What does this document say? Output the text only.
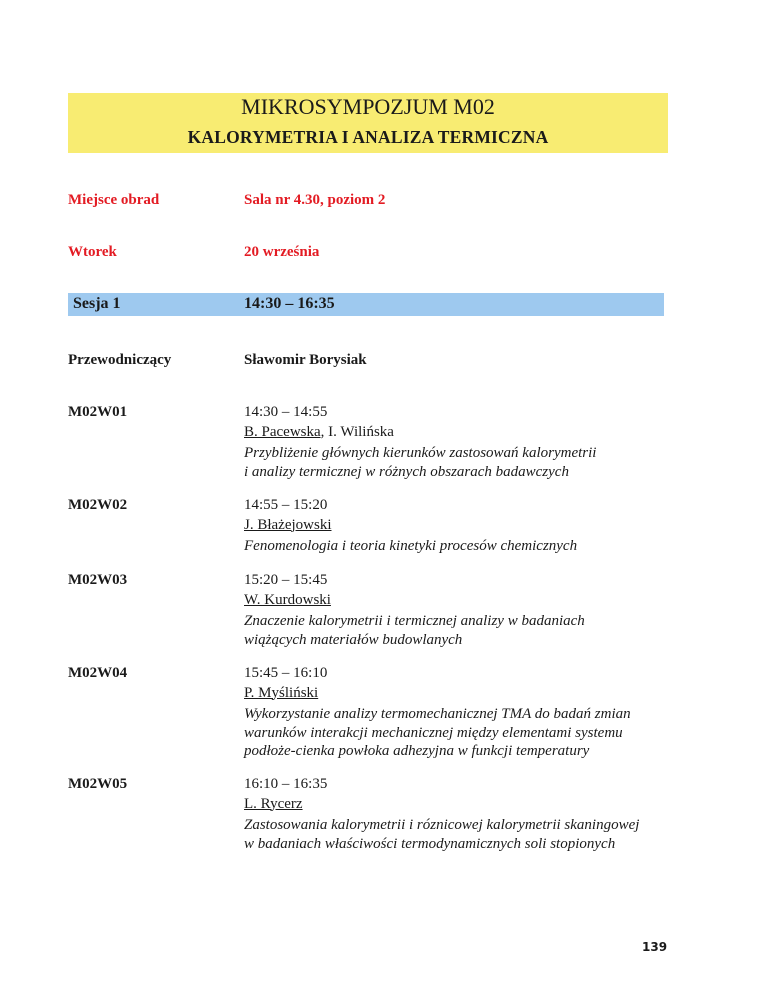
MIKROSYMPOZJUM M02
KALORYMETRIA I ANALIZA TERMICZNA
Miejsce obrad	Sala nr 4.30, poziom 2
Wtorek	20 września
Sesja 1	14:30 – 16:35
Przewodniczący	Sławomir Borysiak
M02W01	14:30 – 14:55
B. Pacewska, I. Wilińska
Przybliżenie głównych kierunków zastosowań kalorymetrii
i analizy termicznej w różnych obszarach badawczych
M02W02	14:55 – 15:20
J. Błażejowski
Fenomenologia i teoria kinetyki procesów chemicznych
M02W03	15:20 – 15:45
W. Kurdowski
Znaczenie kalorymetrii i termicznej analizy w badaniach
wiążących materiałów budowlanych
M02W04	15:45 – 16:10
P. Myśliński
Wykorzystanie analizy termomechanicznej TMA do badań zmian
warunków interakcji mechanicznej między elementami systemu
podłoże-cienka powłoka adhezyjna w funkcji temperatury
M02W05	16:10 – 16:35
L. Rycerz
Zastosowania kalorymetrii i róznicowej kalorymetrii skaningowej
w badaniach właściwości termodynamicznych soli stopionych
139
